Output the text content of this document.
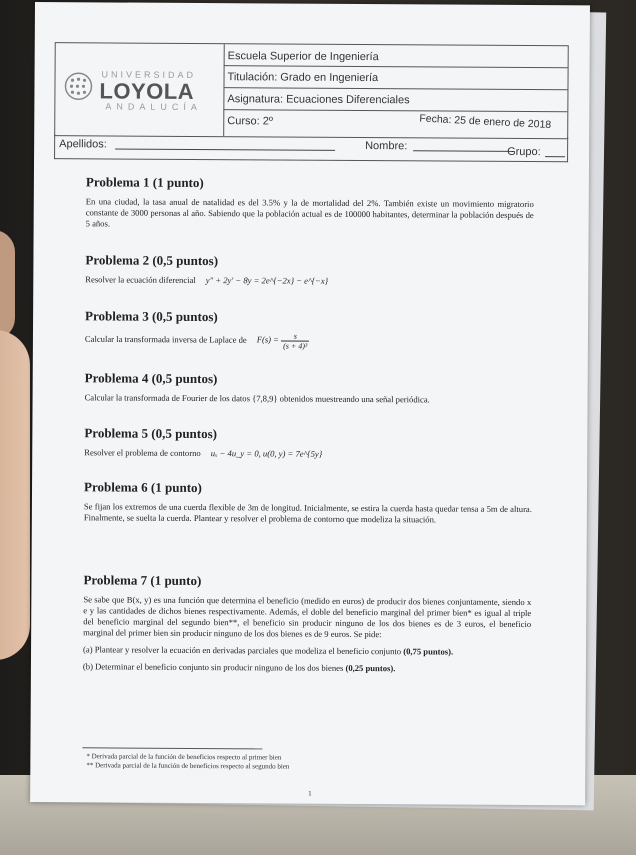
UNIVERSIDAD
LOYOLA
ANDALUCÍA
Escuela Superior de Ingeniería
Titulación: Grado en Ingeniería
Asignatura: Ecuaciones Diferenciales
Curso: 2º	Fecha: 25 de enero de 2018
Apellidos:	Nombre:	Grupo:

Problema 1 (1 punto)

En una ciudad, la tasa anual de natalidad es del 3.5% y la de mortalidad del 2%. También existe un movimiento migratorio constante de 3000 personas al año. Sabiendo que la población actual es de 100000 habitantes, determinar la población después de 5 años.

Problema 2 (0,5 puntos)

Resolver la ecuación diferencial y″ + 2y′ − 8y = 2e^{−2x} − e^{−x}

Problema 3 (0,5 puntos)

Calcular la transformada inversa de Laplace de $F(s) = \frac{s}{\text{(s + 4)³}}$

Problema 4 (0,5 puntos)

Calcular la transformada de Fourier de los datos {7,8,9} obtenidos muestreando una señal periódica.

Problema 5 (0,5 puntos)

Resolver el problema de contorno uₓ − 4u_y = 0, u(0, y) = 7e^{5y}

Problema 6 (1 punto)

Se fijan los extremos de una cuerda flexible de 3m de longitud. Inicialmente, se estira la cuerda hasta quedar tensa a 5m de altura. Finalmente, se suelta la cuerda. Plantear y resolver el problema de contorno que modeliza la situación.

Problema 7 (1 punto)

Se sabe que B(x, y) es una función que determina el beneficio (medido en euros) de producir dos bienes conjuntamente, siendo x e y las cantidades de dichos bienes respectivamente. Además, el doble del beneficio marginal del primer bien* es igual al triple del beneficio marginal del segundo bien**, el beneficio sin producir ninguno de los dos bienes es de 3 euros, el beneficio marginal del primer bien sin producir ninguno de los dos bienes es de 9 euros. Se pide:

(a) Plantear y resolver la ecuación en derivadas parciales que modeliza el beneficio conjunto (0,75 puntos).

(b) Determinar el beneficio conjunto sin producir ninguno de los dos bienes (0,25 puntos).

* Derivada parcial de la función de beneficios respecto al primer bien
** Derivada parcial de la función de beneficios respecto al segundo bien
1
